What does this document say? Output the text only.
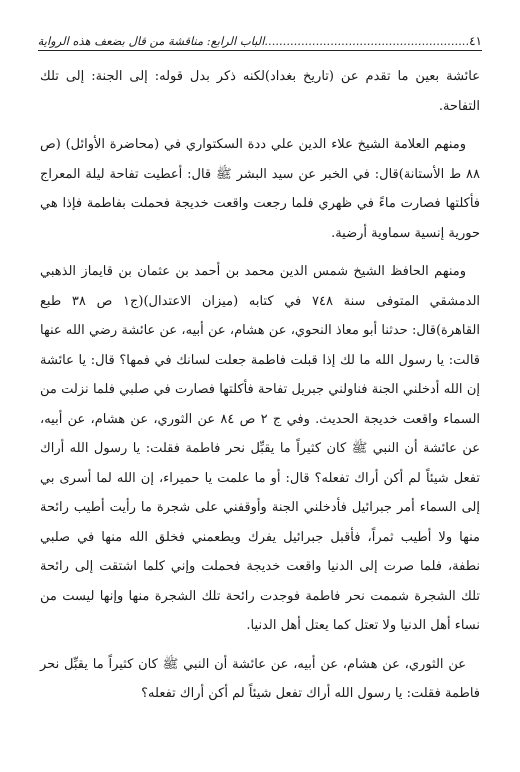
٤١
........................................................الباب الرابع: مناقشة من قال بضعف هذه الرواية

عائشة بعين ما تقدم عن (تاريخ بغداد)لكنه ذكر بدل قوله: إلى الجنة: إلى تلك التفاحة.

ومنهم العلامة الشيخ علاء الدين علي ددة السكتواري في (محاضرة الأوائل) (ص ٨٨ ط الأستانة)قال: في الخبر عن سيد البشر ﷺ قال: أعطيت تفاحة ليلة المعراج فأكلتها فصارت ماءً في ظهري فلما رجعت واقعت خديجة فحملت بفاطمة فإذا هي حورية إنسية سماوية أرضية.

ومنهم الحافظ الشيخ شمس الدين محمد بن أحمد بن عثمان بن قايماز الذهبي الدمشقي المتوفى سنة ٧٤٨ في كتابه (ميزان الاعتدال)(ج١ ص ٣٨ طبع القاهرة)قال: حدثنا أبو معاذ النحوي، عن هشام، عن أبيه، عن عائشة رضي الله عنها قالت: يا رسول الله ما لك إذا قبلت فاطمة جعلت لسانك في فمها؟ قال: يا عائشة إن الله أدخلني الجنة فناولني جبريل تفاحة فأكلتها فصارت في صلبي فلما نزلت من السماء واقعت خديجة الحديث. وفي ج ٢ ص ٨٤ عن الثوري، عن هشام، عن أبيه، عن عائشة أن النبي ﷺ كان كثيراً ما يقبِّل نحر فاطمة فقلت: يا رسول الله أراك تفعل شيئاً لم أكن أراك تفعله؟ قال: أو ما علمت يا حميراء، إن الله لما أسرى بي إلى السماء أمر جبرائيل فأدخلني الجنة وأوقفني على شجرة ما رأيت أطيب رائحة منها ولا أطيب ثمراً، فأقبل جبرائيل يفرك ويطعمني فخلق الله منها في صلبي نطفة، فلما صرت إلى الدنيا واقعت خديجة فحملت وإني كلما اشتقت إلى رائحة تلك الشجرة شممت نحر فاطمة فوجدت رائحة تلك الشجرة منها وإنها ليست من نساء أهل الدنيا ولا تعتل كما يعتل أهل الدنيا.

عن الثوري، عن هشام، عن أبيه، عن عائشة أن النبي ﷺ كان كثيراً ما يقبِّل نحر فاطمة فقلت: يا رسول الله أراك تفعل شيئاً لم أكن أراك تفعله؟
